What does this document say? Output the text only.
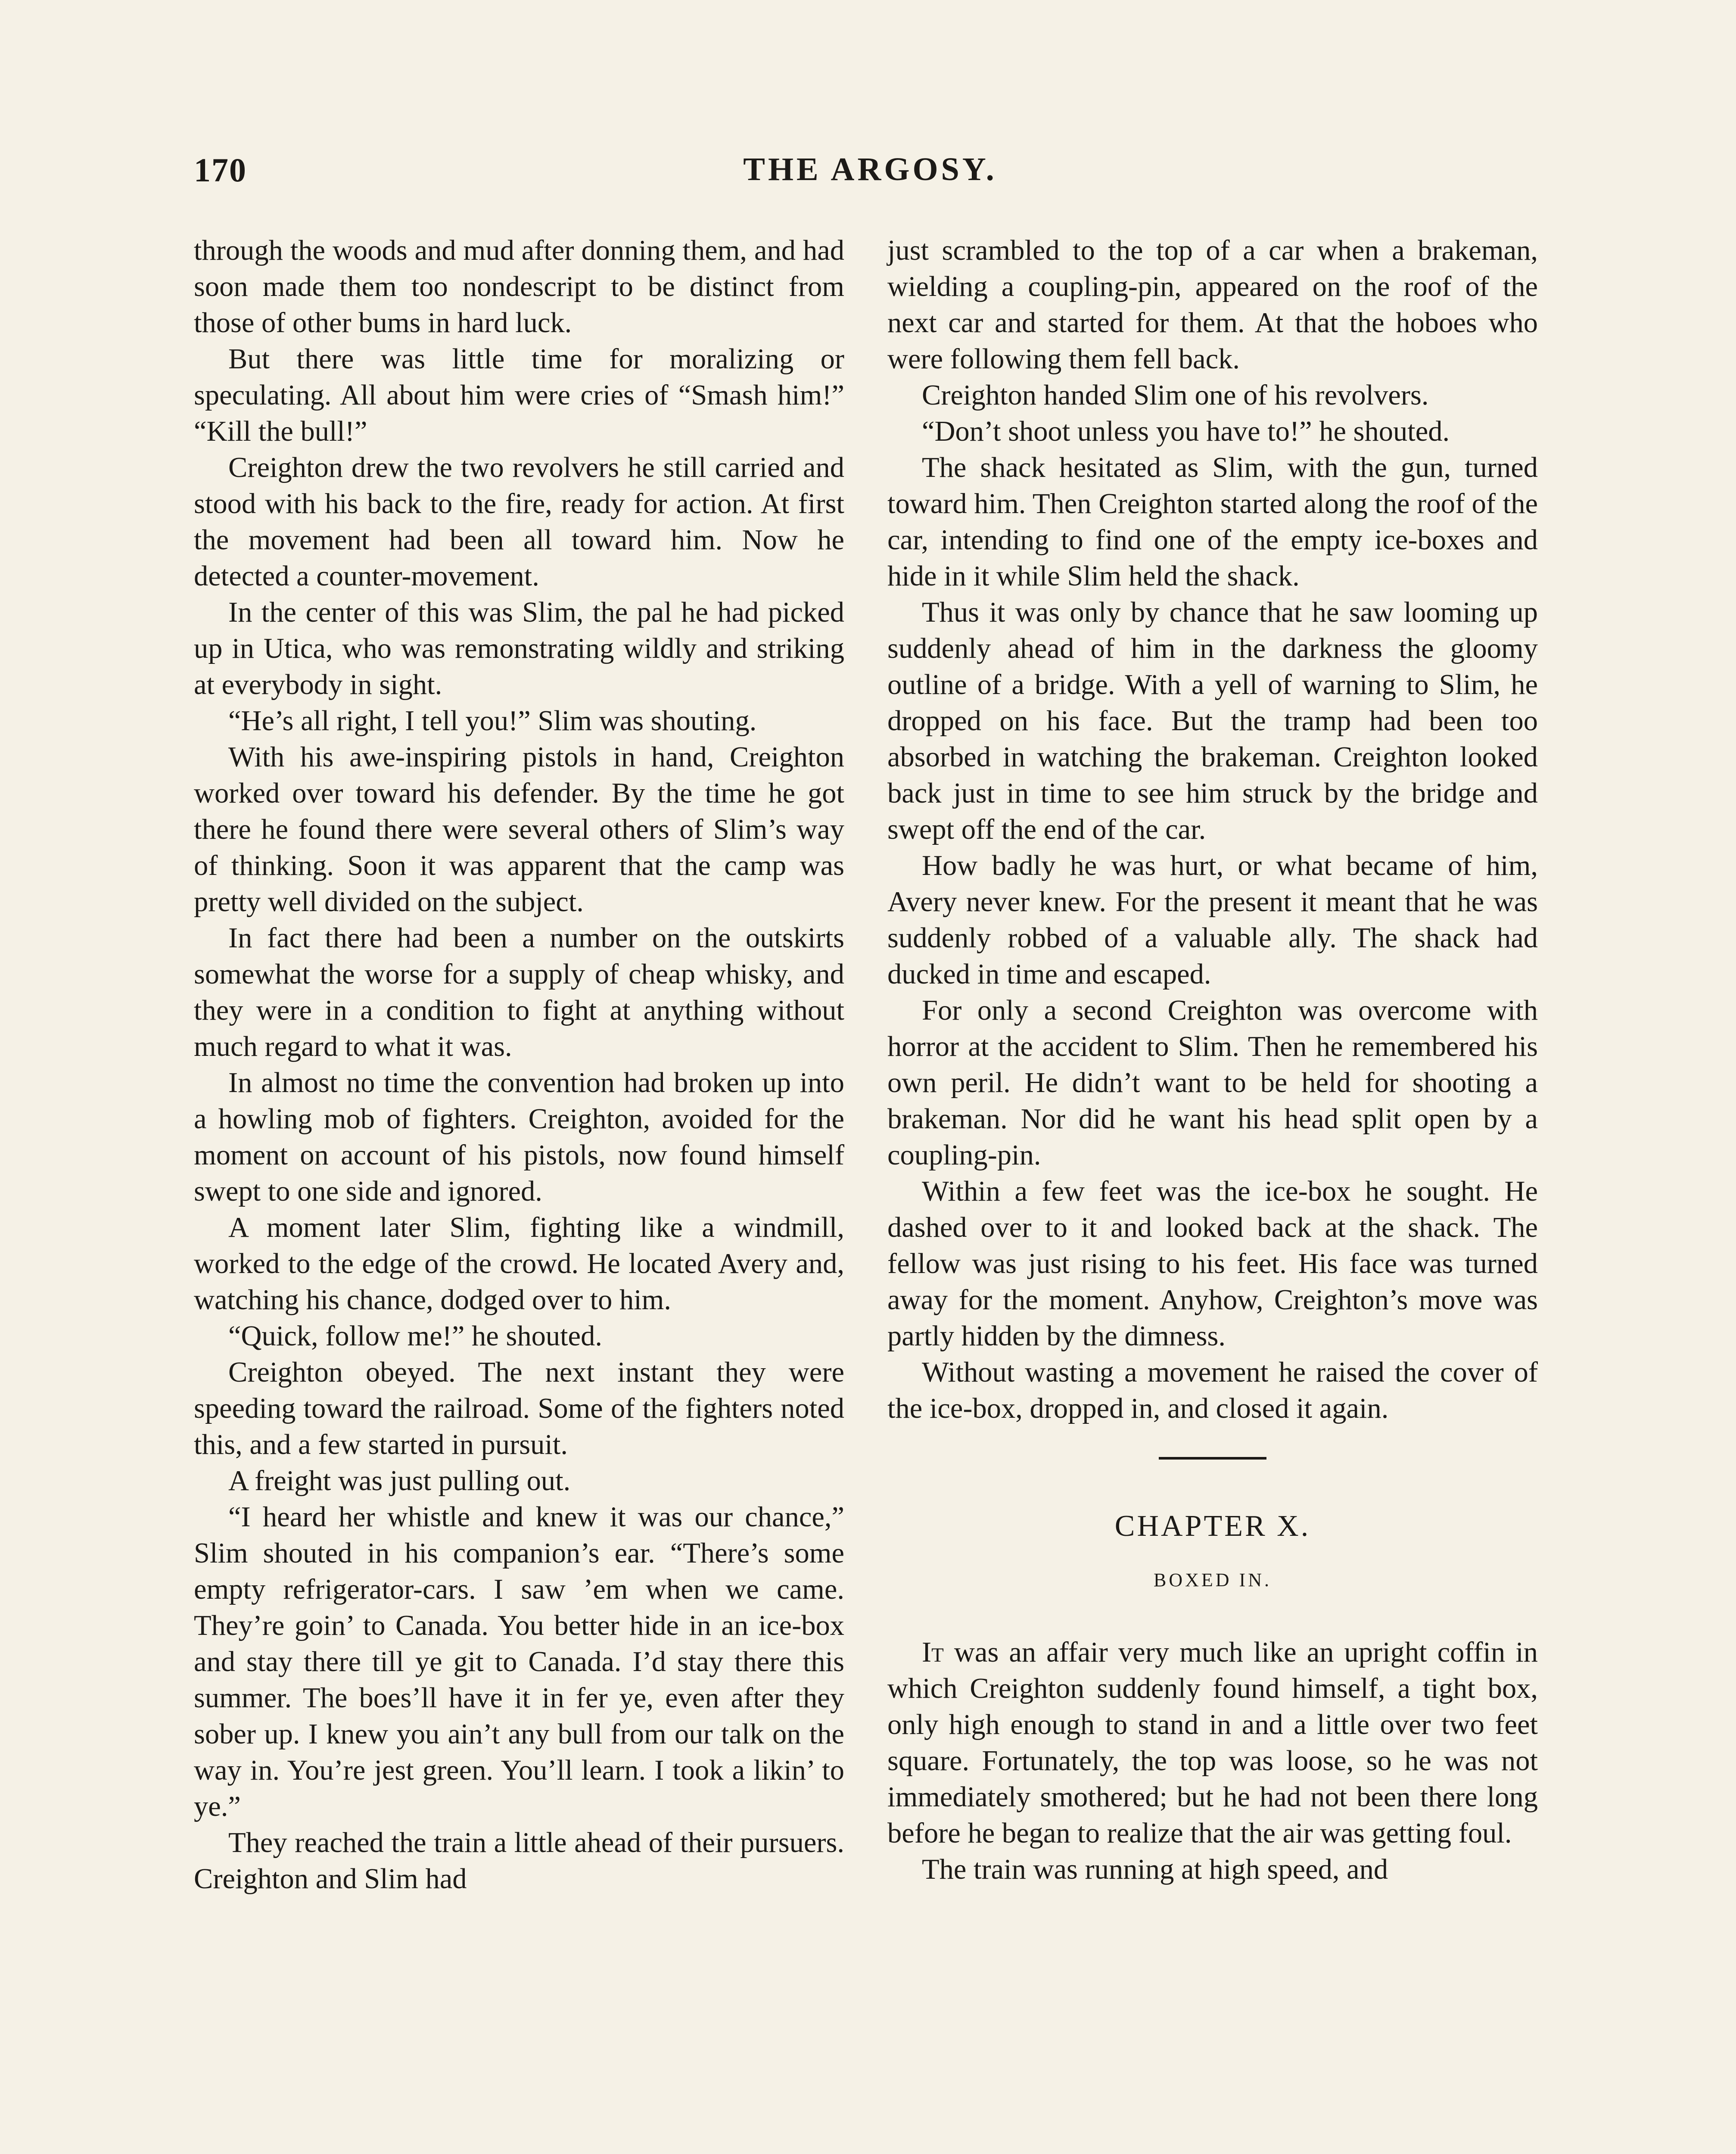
170	THE ARGOSY.

through the woods and mud after donning them, and had soon made them too nondescript to be distinct from those of other bums in hard luck.

But there was little time for moralizing or speculating. All about him were cries of “Smash him!” “Kill the bull!”

Creighton drew the two revolvers he still carried and stood with his back to the fire, ready for action. At first the movement had been all toward him. Now he detected a counter-movement.

In the center of this was Slim, the pal he had picked up in Utica, who was remonstrating wildly and striking at everybody in sight.

“He’s all right, I tell you!” Slim was shouting.

With his awe-inspiring pistols in hand, Creighton worked over toward his defender. By the time he got there he found there were several others of Slim’s way of thinking. Soon it was apparent that the camp was pretty well divided on the subject.

In fact there had been a number on the outskirts somewhat the worse for a supply of cheap whisky, and they were in a condition to fight at anything without much regard to what it was.

In almost no time the convention had broken up into a howling mob of fighters. Creighton, avoided for the moment on account of his pistols, now found himself swept to one side and ignored.

A moment later Slim, fighting like a windmill, worked to the edge of the crowd. He located Avery and, watching his chance, dodged over to him.

“Quick, follow me!” he shouted.

Creighton obeyed. The next instant they were speeding toward the railroad. Some of the fighters noted this, and a few started in pursuit.

A freight was just pulling out.

“I heard her whistle and knew it was our chance,” Slim shouted in his companion’s ear. “There’s some empty refrigerator-cars. I saw ’em when we came. They’re goin’ to Canada. You better hide in an ice-box and stay there till ye git to Canada. I’d stay there this summer. The boes’ll have it in fer ye, even after they sober up. I knew you ain’t any bull from our talk on the way in. You’re jest green. You’ll learn. I took a likin’ to ye.”

They reached the train a little ahead of their pursuers. Creighton and Slim had

just scrambled to the top of a car when a brakeman, wielding a coupling-pin, appeared on the roof of the next car and started for them. At that the hoboes who were following them fell back.

Creighton handed Slim one of his revolvers.

“Don’t shoot unless you have to!” he shouted.

The shack hesitated as Slim, with the gun, turned toward him. Then Creighton started along the roof of the car, intending to find one of the empty ice-boxes and hide in it while Slim held the shack.

Thus it was only by chance that he saw looming up suddenly ahead of him in the darkness the gloomy outline of a bridge. With a yell of warning to Slim, he dropped on his face. But the tramp had been too absorbed in watching the brakeman. Creighton looked back just in time to see him struck by the bridge and swept off the end of the car.

How badly he was hurt, or what became of him, Avery never knew. For the present it meant that he was suddenly robbed of a valuable ally. The shack had ducked in time and escaped.

For only a second Creighton was overcome with horror at the accident to Slim. Then he remembered his own peril. He didn’t want to be held for shooting a brakeman. Nor did he want his head split open by a coupling-pin.

Within a few feet was the ice-box he sought. He dashed over to it and looked back at the shack. The fellow was just rising to his feet. His face was turned away for the moment. Anyhow, Creighton’s move was partly hidden by the dimness.

Without wasting a movement he raised the cover of the ice-box, dropped in, and closed it again.

CHAPTER X.
BOXED IN.

It was an affair very much like an upright coffin in which Creighton suddenly found himself, a tight box, only high enough to stand in and a little over two feet square. Fortunately, the top was loose, so he was not immediately smothered; but he had not been there long before he began to realize that the air was getting foul.

The train was running at high speed, and
